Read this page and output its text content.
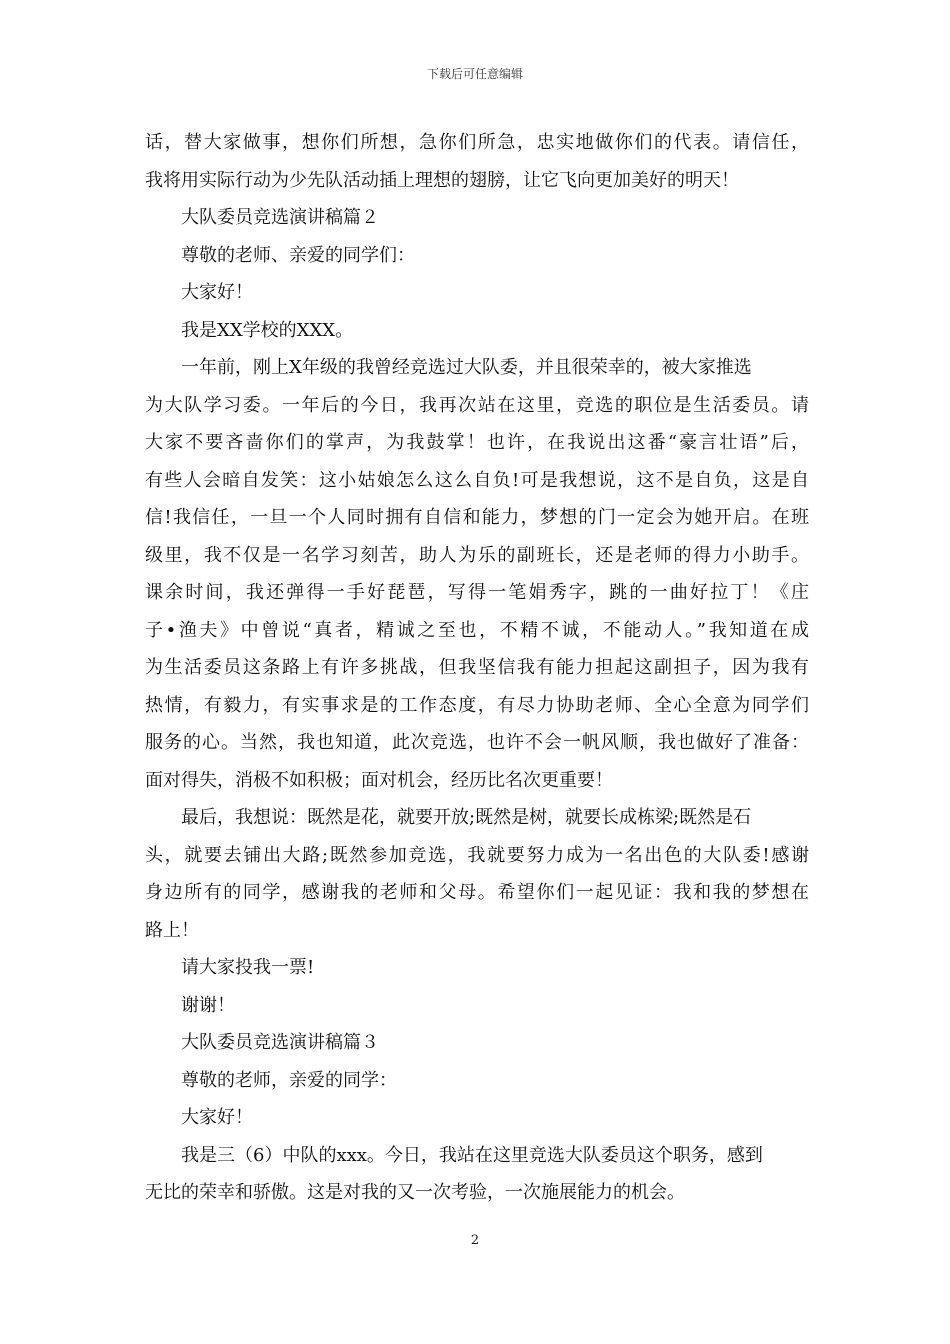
下载后可任意编辑
话，替大家做事，想你们所想，急你们所急，忠实地做你们的代表。请信任，
我将用实际行动为少先队活动插上理想的翅膀，让它飞向更加美好的明天！
大队委员竞选演讲稿篇２
尊敬的老师、亲爱的同学们：
大家好！
我是XX学校的XXX。
一年前，刚上X年级的我曾经竞选过大队委，并且很荣幸的，被大家推选
为大队学习委。一年后的今日，我再次站在这里，竞选的职位是生活委员。请
大家不要吝啬你们的掌声，为我鼓掌！也许，在我说出这番“豪言壮语”后，
有些人会暗自发笑：这小姑娘怎么这么自负!可是我想说，这不是自负，这是自
信!我信任，一旦一个人同时拥有自信和能力，梦想的门一定会为她开启。在班
级里，我不仅是一名学习刻苦，助人为乐的副班长，还是老师的得力小助手。
课余时间，我还弹得一手好琵琶，写得一笔娟秀字，跳的一曲好拉丁！《庄
子•渔夫》中曾说“真者，精诚之至也，不精不诚，不能动人。”我知道在成
为生活委员这条路上有许多挑战，但我坚信我有能力担起这副担子，因为我有
热情，有毅力，有实事求是的工作态度，有尽力协助老师、全心全意为同学们
服务的心。当然，我也知道，此次竞选，也许不会一帆风顺，我也做好了准备：
面对得失，消极不如积极；面对机会，经历比名次更重要！
最后，我想说：既然是花，就要开放;既然是树，就要长成栋梁;既然是石
头，就要去铺出大路;既然参加竞选，我就要努力成为一名出色的大队委!感谢
身边所有的同学，感谢我的老师和父母。希望你们一起见证：我和我的梦想在
路上！
请大家投我一票!
谢谢！
大队委员竞选演讲稿篇３
尊敬的老师，亲爱的同学：
大家好！
我是三（6）中队的xxx。今日，我站在这里竞选大队委员这个职务，感到
无比的荣幸和骄傲。这是对我的又一次考验，一次施展能力的机会。
2
